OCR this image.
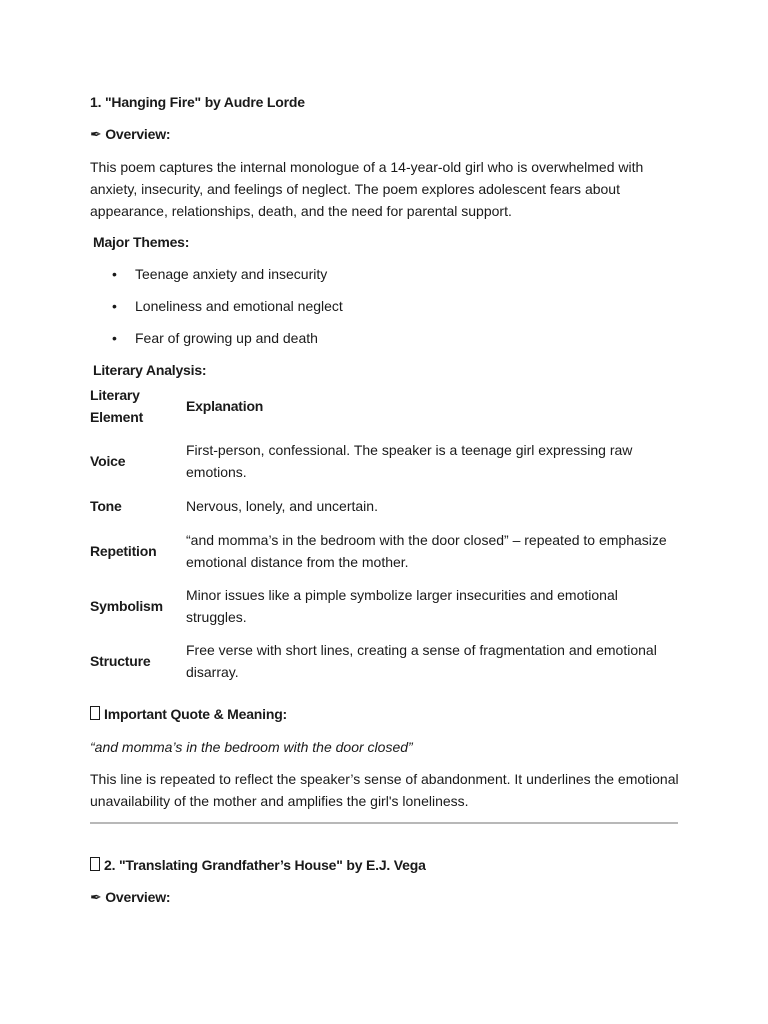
1. "Hanging Fire" by Audre Lorde
✒ Overview:

This poem captures the internal monologue of a 14-year-old girl who is overwhelmed with anxiety, insecurity, and feelings of neglect. The poem explores adolescent fears about appearance, relationships, death, and the need for parental support.

Major Themes:
• Teenage anxiety and insecurity
• Loneliness and emotional neglect
• Fear of growing up and death
Literary Analysis:
Literary Element	Explanation
Voice	First-person, confessional. The speaker is a teenage girl expressing raw emotions.
Tone	Nervous, lonely, and uncertain.
Repetition	“and momma’s in the bedroom with the door closed” – repeated to emphasize emotional distance from the mother.
Symbolism	Minor issues like a pimple symbolize larger insecurities and emotional struggles.
Structure	Free verse with short lines, creating a sense of fragmentation and emotional disarray.
Important Quote & Meaning:

“and momma’s in the bedroom with the door closed”

This line is repeated to reflect the speaker’s sense of abandonment. It underlines the emotional unavailability of the mother and amplifies the girl's loneliness.

2. "Translating Grandfather’s House" by E.J. Vega
✒ Overview:
